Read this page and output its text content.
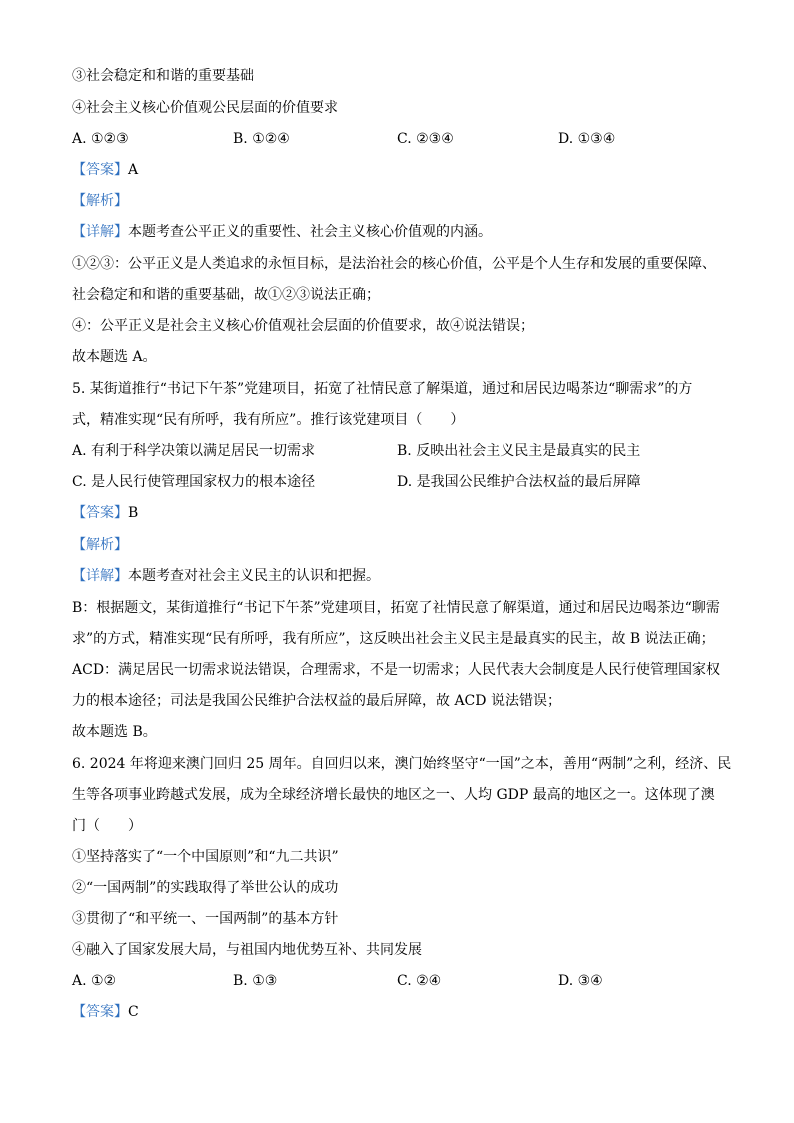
③社会稳定和和谐的重要基础
④社会主义核心价值观公民层面的价值要求
A. ①②③	B. ①②④	C. ②③④	D. ①③④
【答案】A
【解析】
【详解】本题考查公平正义的重要性、社会主义核心价值观的内涵。
①②③：公平正义是人类追求的永恒目标，是法治社会的核心价值，公平是个人生存和发展的重要保障、
社会稳定和和谐的重要基础，故①②③说法正确；
④：公平正义是社会主义核心价值观社会层面的价值要求，故④说法错误；
故本题选 A。
5. 某街道推行“书记下午茶”党建项目，拓宽了社情民意了解渠道，通过和居民边喝茶边“聊需求”的方
式，精准实现“民有所呼，我有所应”。推行该党建项目（　　）
A. 有利于科学决策以满足居民一切需求	B. 反映出社会主义民主是最真实的民主
C. 是人民行使管理国家权力的根本途径	D. 是我国公民维护合法权益的最后屏障
【答案】B
【解析】
【详解】本题考查对社会主义民主的认识和把握。
B：根据题文，某街道推行“书记下午茶”党建项目，拓宽了社情民意了解渠道，通过和居民边喝茶边“聊需
求”的方式，精准实现“民有所呼，我有所应”，这反映出社会主义民主是最真实的民主，故 B 说法正确；
ACD：满足居民一切需求说法错误，合理需求，不是一切需求；人民代表大会制度是人民行使管理国家权
力的根本途径；司法是我国公民维护合法权益的最后屏障，故 ACD 说法错误；
故本题选 B。
6. 2024 年将迎来澳门回归 25 周年。自回归以来，澳门始终坚守“一国”之本，善用“两制”之利，经济、民
生等各项事业跨越式发展，成为全球经济增长最快的地区之一、人均 GDP 最高的地区之一。这体现了澳
门（　　）
①坚持落实了“一个中国原则”和“九二共识”
②“一国两制”的实践取得了举世公认的成功
③贯彻了“和平统一、一国两制”的基本方针
④融入了国家发展大局，与祖国内地优势互补、共同发展
A. ①②	B. ①③	C. ②④	D. ③④
【答案】C
